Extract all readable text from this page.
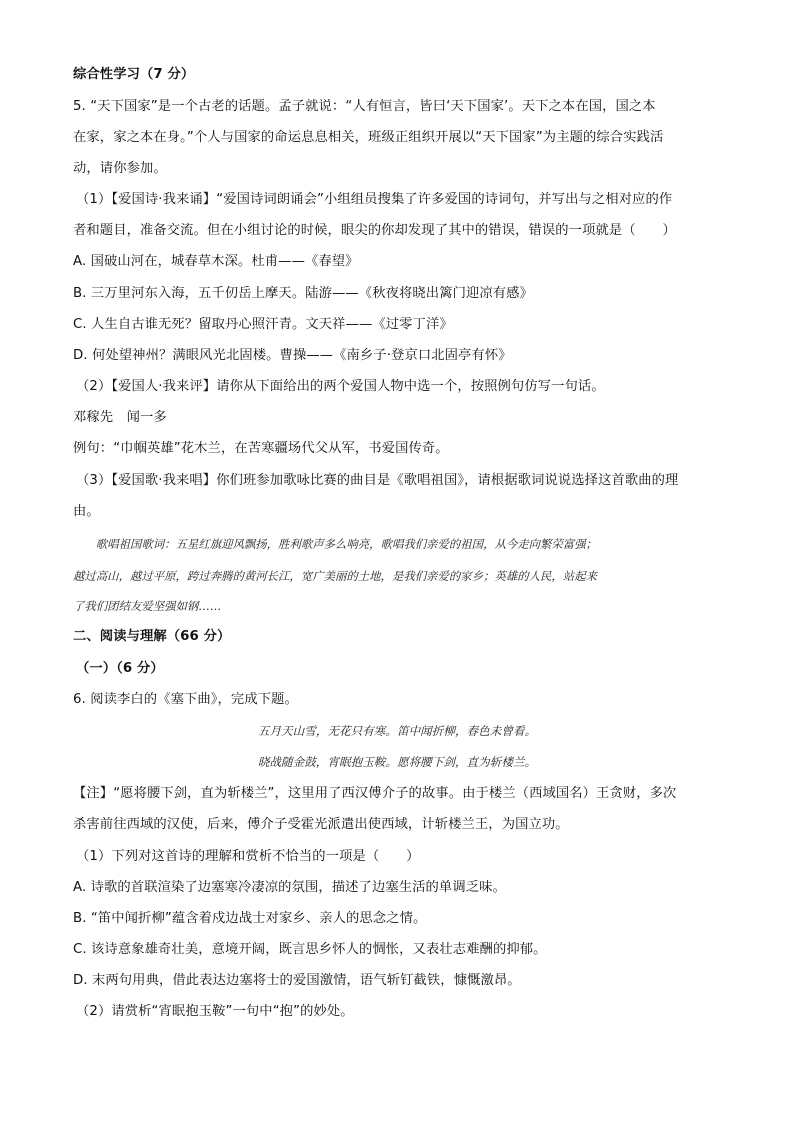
综合性学习（7 分）
5. “天下国家”是一个古老的话题。孟子就说：“人有恒言，皆曰‘天下国家’。天下之本在国，国之本
在家，家之本在身。”个人与国家的命运息息相关，班级正组织开展以“天下国家”为主题的综合实践活
动，请你参加。
（1）【爱国诗·我来诵】“爱国诗词朗诵会”小组组员搜集了许多爱国的诗词句，并写出与之相对应的作
者和题目，准备交流。但在小组讨论的时候，眼尖的你却发现了其中的错误，错误的一项就是（　　）
A. 国破山河在，城春草木深。杜甫——《春望》
B. 三万里河东入海，五千仞岳上摩天。陆游——《秋夜将晓出篱门迎凉有感》
C. 人生自古谁无死？留取丹心照汗青。文天祥——《过零丁洋》
D. 何处望神州？满眼风光北固楼。曹操——《南乡子·登京口北固亭有怀》
（2）【爱国人·我来评】请你从下面给出的两个爱国人物中选一个，按照例句仿写一句话。
邓稼先　闻一多
例句：“巾帼英雄”花木兰，在苦寒疆场代父从军，书爱国传奇。
（3）【爱国歌·我来唱】你们班参加歌咏比赛的曲目是《歌唱祖国》，请根据歌词说说选择这首歌曲的理
由。
　　歌唱祖国歌词：五星红旗迎风飘扬，胜利歌声多么响亮，歌唱我们亲爱的祖国，从今走向繁荣富强；
越过高山，越过平原，跨过奔腾的黄河长江，宽广美丽的土地，是我们亲爱的家乡；英雄的人民，站起来
了我们团结友爱坚强如钢……
二、阅读与理解（66 分）
（一）（6 分）
6. 阅读李白的《塞下曲》，完成下题。
五月天山雪，无花只有寒。笛中闻折柳，春色未曾看。
晓战随金鼓，宵眠抱玉鞍。愿将腰下剑，直为斩楼兰。
【注】“愿将腰下剑，直为斩楼兰”，这里用了西汉傅介子的故事。由于楼兰（西域国名）王贪财，多次
杀害前往西域的汉使，后来，傅介子受霍光派遣出使西域，计斩楼兰王，为国立功。
（1）下列对这首诗的理解和赏析不恰当的一项是（　　）
A. 诗歌的首联渲染了边塞寒冷凄凉的氛围，描述了边塞生活的单调乏味。
B. “笛中闻折柳”蕴含着戍边战士对家乡、亲人的思念之情。
C. 该诗意象雄奇壮美，意境开阔，既言思乡怀人的惆怅，又表壮志难酬的抑郁。
D. 末两句用典，借此表达边塞将士的爱国激情，语气斩钉截铁，慷慨激昂。
（2）请赏析“宵眠抱玉鞍”一句中“抱”的妙处。
